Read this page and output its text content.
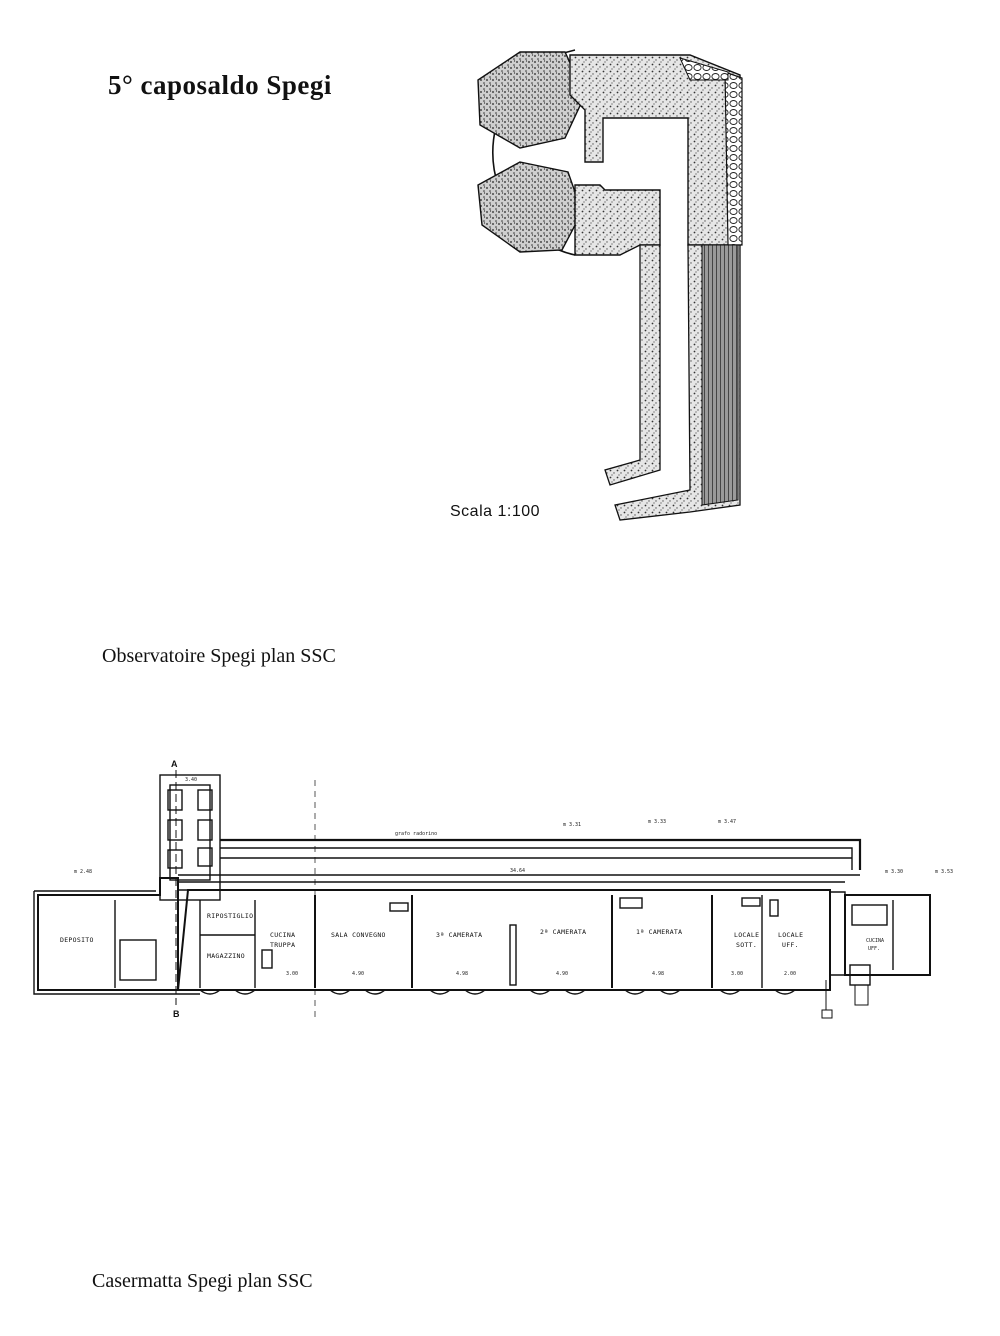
5° caposaldo Spegi
Scala 1:100
Observatoire Spegi plan SSC
A
B
3.40
grafo radorino
34.64
m 3.31	m 3.33	m 3.47
m 2.48	m 3.30	m 3.53
DEPOSITO
RIPOSTIGLIO
MAGAZZINO
CUCINA
TRUPPA
SALA CONVEGNO	3ª CAMERATA	2ª CAMERATA	1ª CAMERATA	LOCALE
SOTT.
LOCALE
UFF.	CUCINA
UFF.
4.90	4.98	4.90	4.98	3.00	2.00
3.00
Casermatta Spegi plan SSC
